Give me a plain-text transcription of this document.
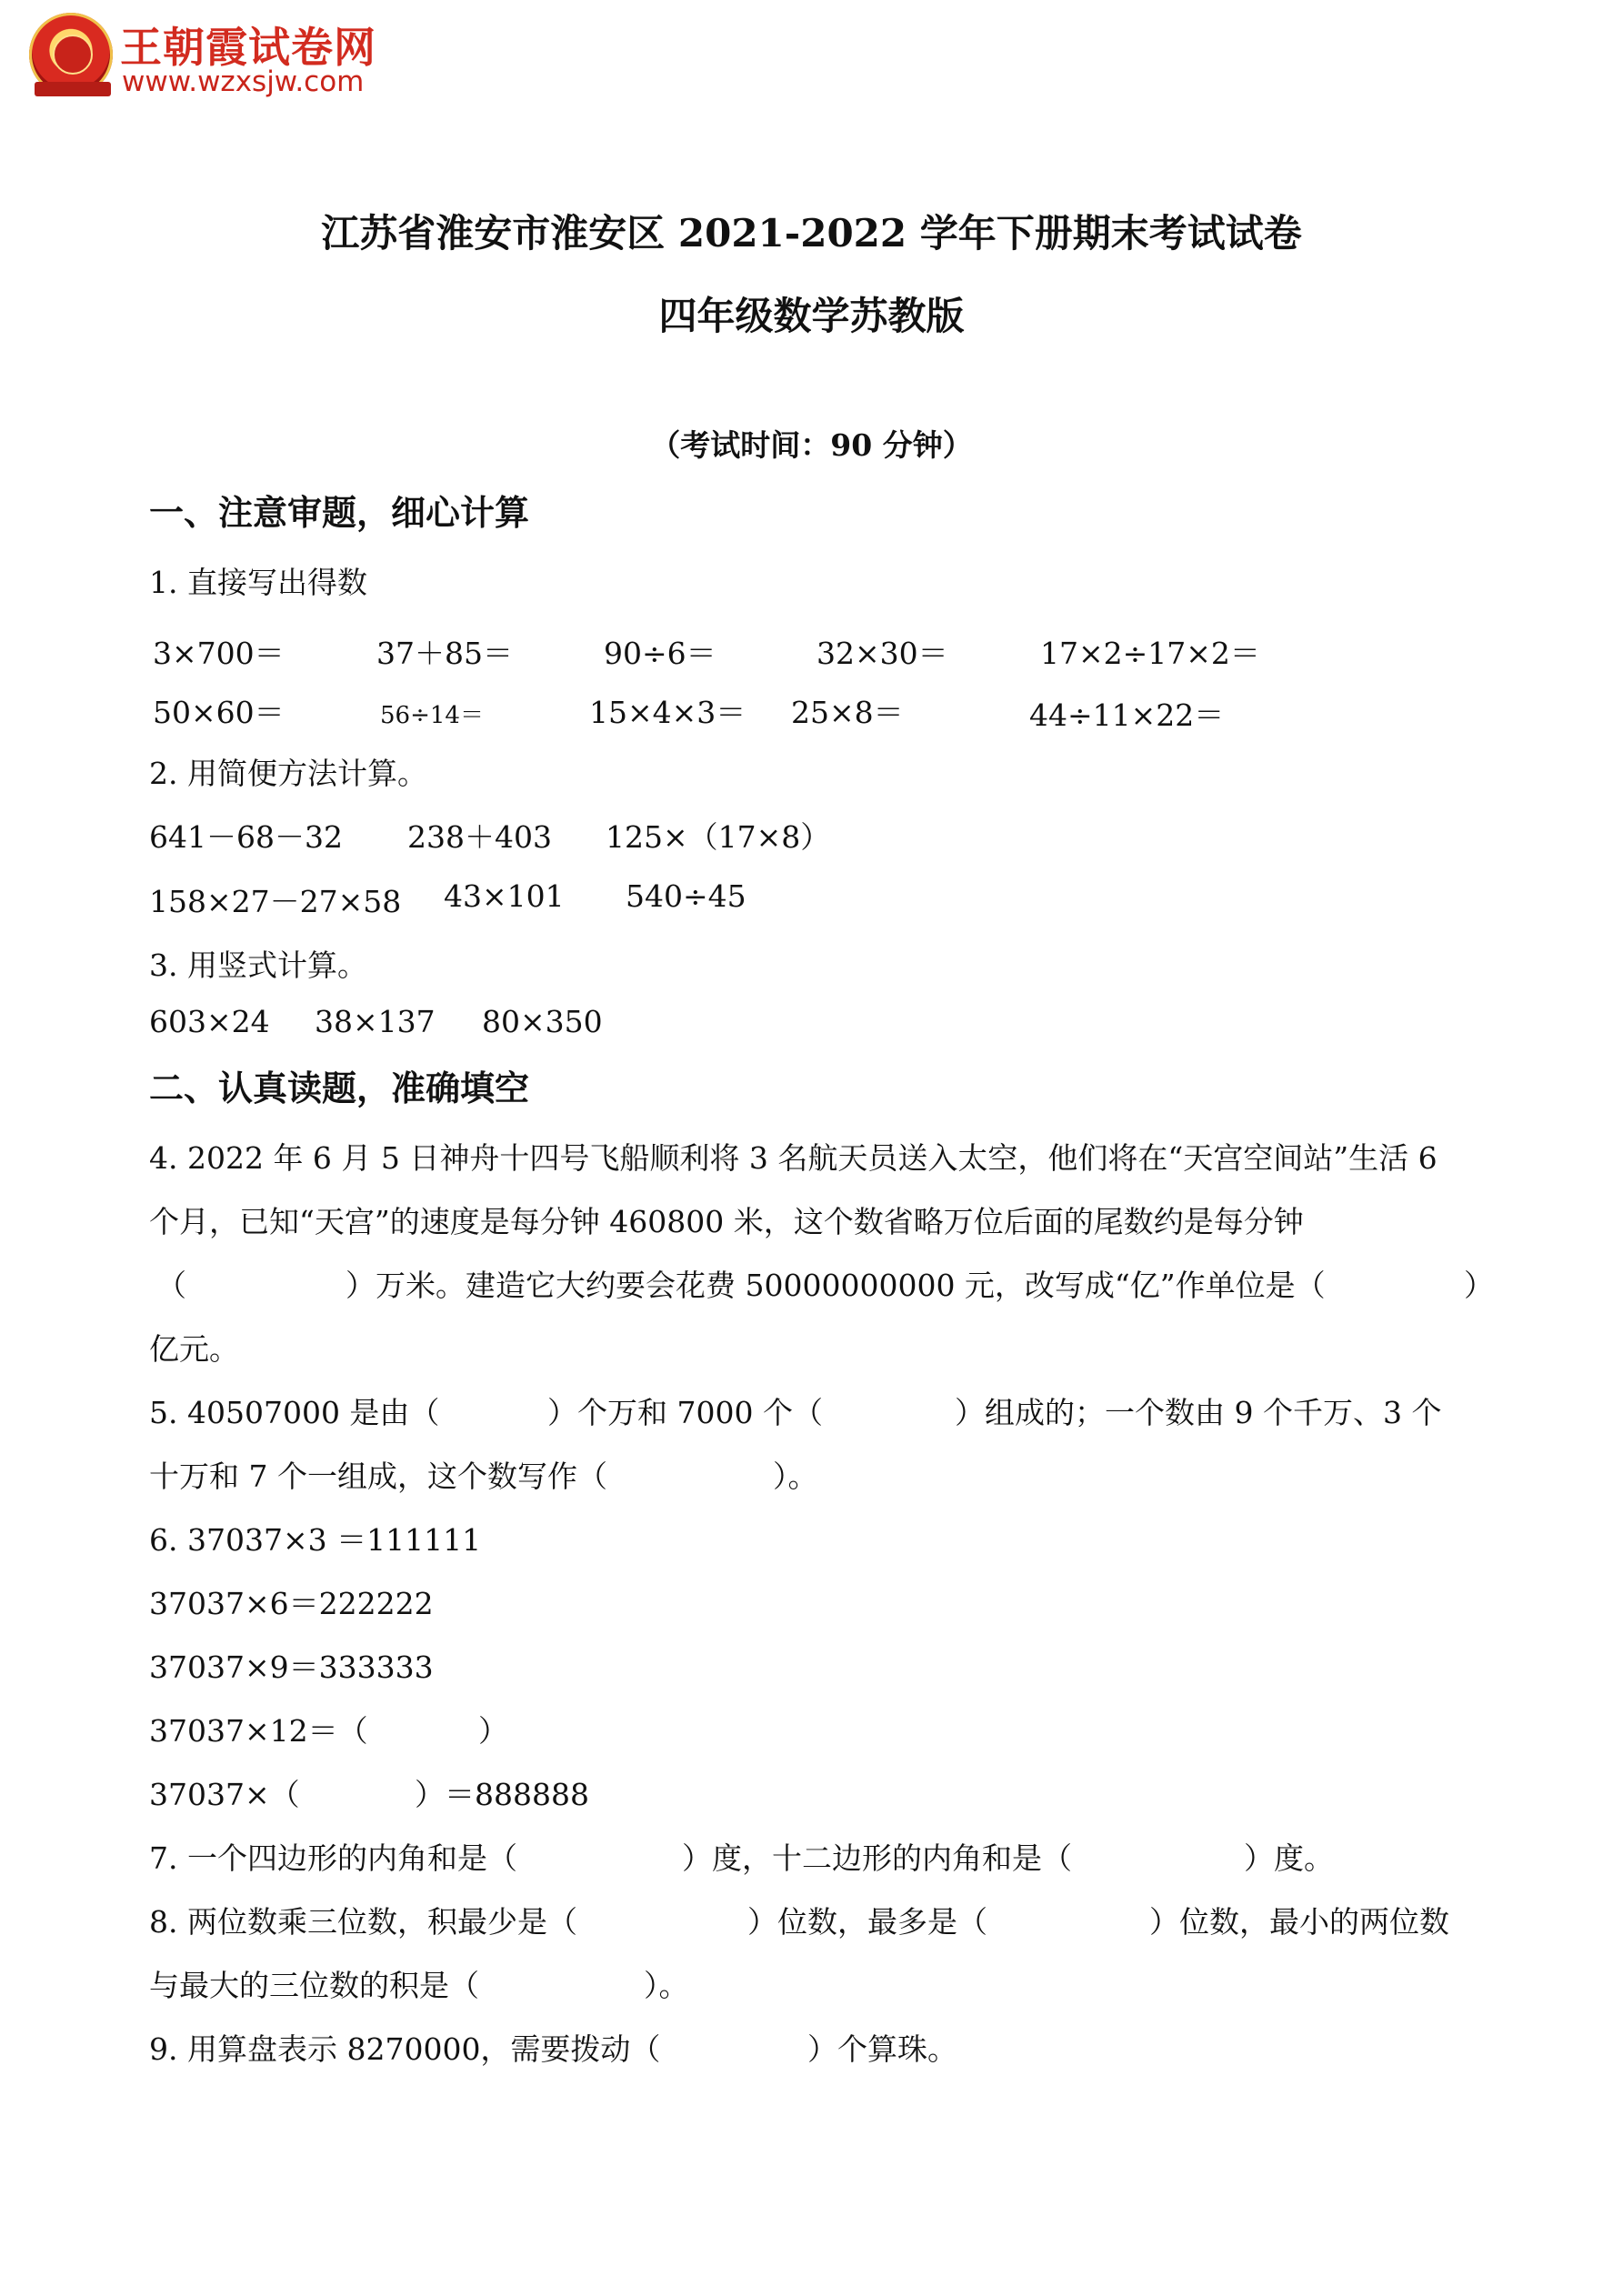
王朝霞试卷网
www.wzxsjw.com
江苏省淮安市淮安区 2021-2022 学年下册期末考试试卷
四年级数学苏教版
（考试时间：90 分钟）
一、注意审题，细心计算
1. 直接写出得数
3×700＝	37＋85＝	90÷6＝	32×30＝	17×2÷17×2＝
50×60＝	56÷14＝	15×4×3＝ 25×8＝	44÷11×22＝
2. 用简便方法计算。
641－68－32 238＋403 125×（17×8）
158×27－27×58 43×101 540÷45
3. 用竖式计算。
603×24 38×137 80×350
二、认真读题，准确填空
4. 2022 年 6 月 5 日神舟十四号飞船顺利将 3 名航天员送入太空，他们将在“天宫空间站”生活 6
个月，已知“天宫”的速度是每分钟 460800 米，这个数省略万位后面的尾数约是每分钟
（	）万米。建造它大约要会花费 50000000000 元，改写成“亿”作单位是（	）
亿元。
5. 40507000 是由（	）个万和 7000 个（	）组成的；一个数由 9 个千万、3 个
十万和 7 个一组成，这个数写作（	）。
6. 37037×3 ＝111111
37037×6＝222222
37037×9＝333333
37037×12＝（	）
37037×（	）＝888888
7. 一个四边形的内角和是（	）度，十二边形的内角和是（	）度。
8. 两位数乘三位数，积最少是（	）位数，最多是（	）位数，最小的两位数
与最大的三位数的积是（	）。
9. 用算盘表示 8270000，需要拨动（	）个算珠。
